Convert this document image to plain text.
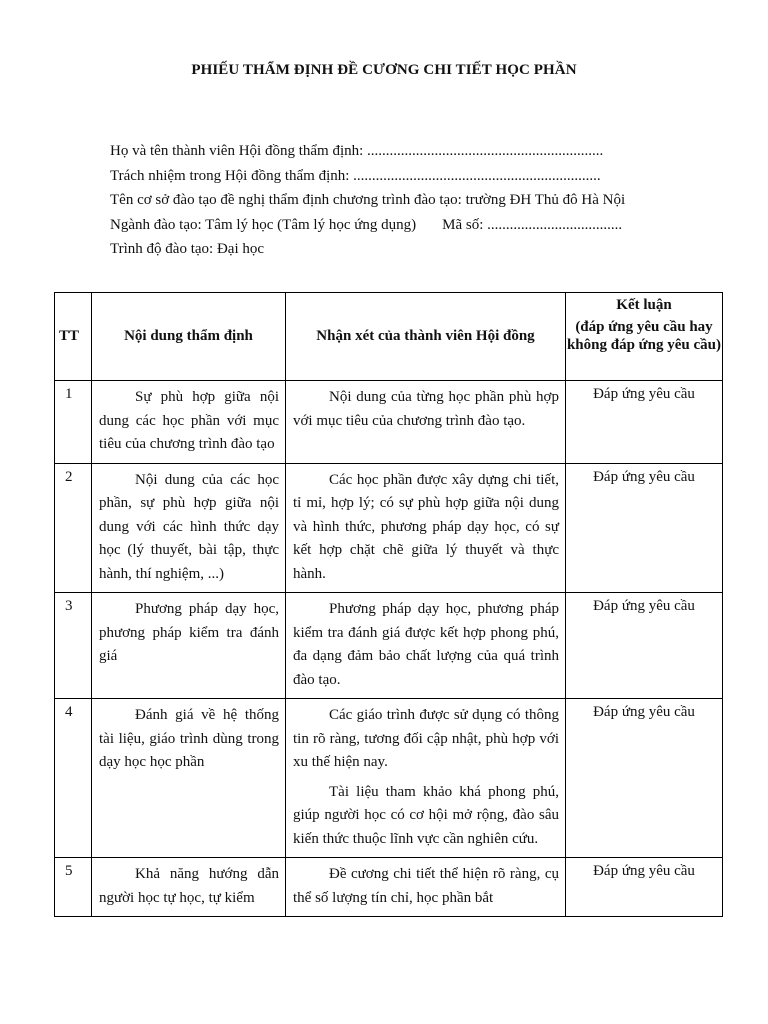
PHIẾU THẨM ĐỊNH ĐỀ CƯƠNG CHI TIẾT HỌC PHẦN
Họ và tên thành viên Hội đồng thẩm định: ...............................................................
Trách nhiệm trong Hội đồng thẩm định: ..................................................................
Tên cơ sở đào tạo đề nghị thẩm định chương trình đào tạo: trường ĐH Thủ đô Hà Nội
Ngành đào tạo: Tâm lý học (Tâm lý học ứng dụng) Mã số: ....................................
Trình độ đào tạo: Đại học
TT	Nội dung thẩm định	Nhận xét của thành viên Hội đồng	Kết luận
(đáp ứng yêu cầu hay không đáp ứng yêu cầu)

1	Sự phù hợp giữa nội dung các học phần với mục tiêu của chương trình đào tạo	Nội dung của từng học phần phù hợp với mục tiêu của chương trình đào tạo.	Đáp ứng yêu cầu
2	Nội dung của các học phần, sự phù hợp giữa nội dung với các hình thức dạy học (lý thuyết, bài tập, thực hành, thí nghiệm, ...)	Các học phần được xây dựng chi tiết, tỉ mỉ, hợp lý; có sự phù hợp giữa nội dung và hình thức, phương pháp dạy học, có sự kết hợp chặt chẽ giữa lý thuyết và thực hành.	Đáp ứng yêu cầu
3	Phương pháp dạy học, phương pháp kiểm tra đánh giá	Phương pháp dạy học, phương pháp kiểm tra đánh giá được kết hợp phong phú, đa dạng đảm bảo chất lượng của quá trình đào tạo.	Đáp ứng yêu cầu
4	Đánh giá về hệ thống tài liệu, giáo trình dùng trong dạy học học phần	Các giáo trình được sử dụng có thông tin rõ ràng, tương đối cập nhật, phù hợp với xu thế hiện nay.

Tài liệu tham khảo khá phong phú, giúp người học có cơ hội mở rộng, đào sâu kiến thức thuộc lĩnh vực cần nghiên cứu.	Đáp ứng yêu cầu
5	Khả năng hướng dẫn người học tự học, tự kiểm	Đề cương chi tiết thể hiện rõ ràng, cụ thể số lượng tín chỉ, học phần bắt	Đáp ứng yêu cầu
